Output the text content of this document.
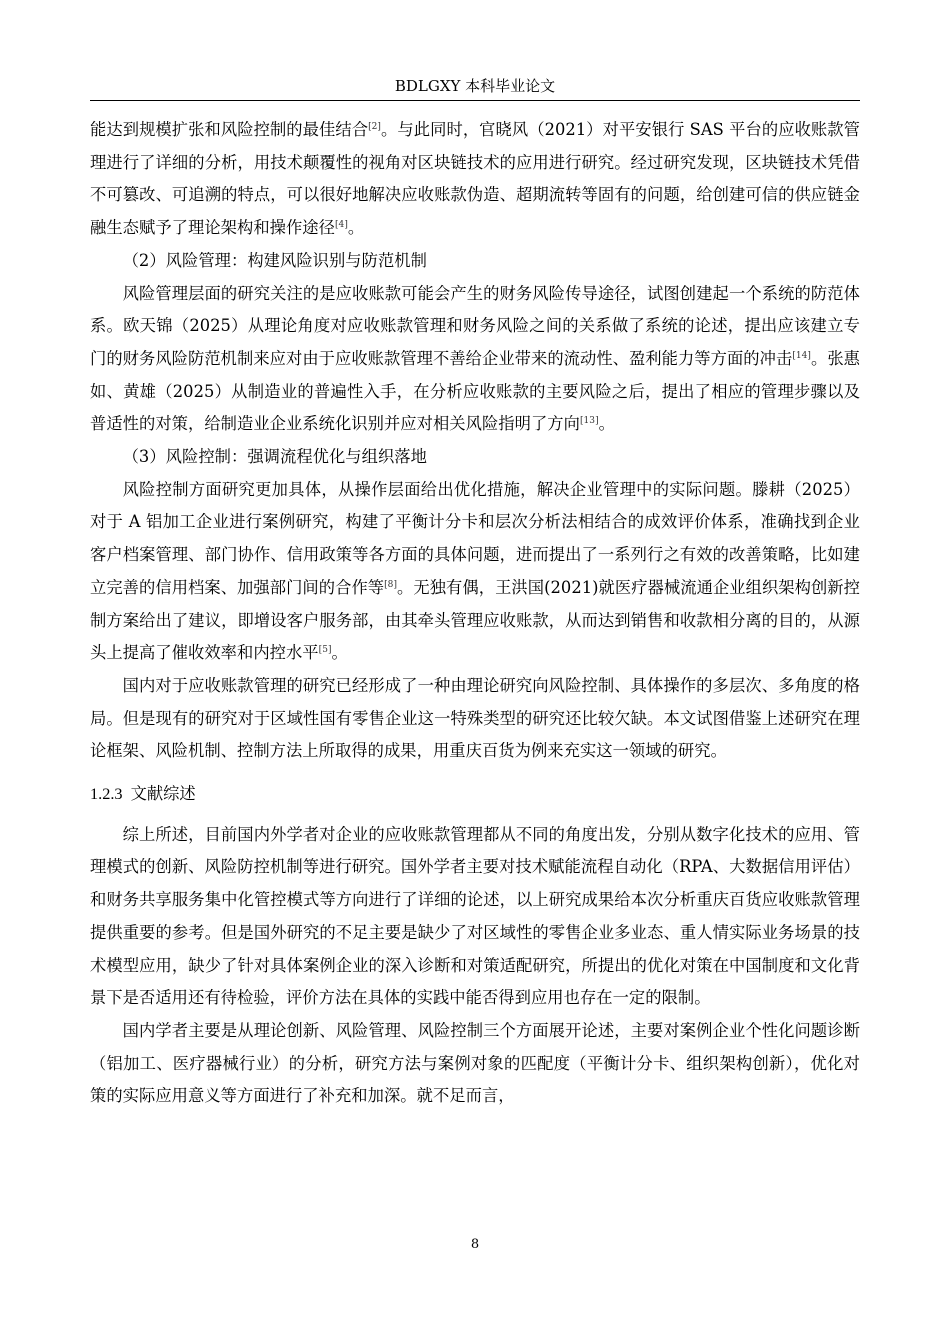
BDLGXY 本科毕业论文

能达到规模扩张和风险控制的最佳结合[2]。与此同时，官晓风（2021）对平安银行 SAS 平台的应收账款管理进行了详细的分析，用技术颠覆性的视角对区块链技术的应用进行研究。经过研究发现，区块链技术凭借不可篡改、可追溯的特点，可以很好地解决应收账款伪造、超期流转等固有的问题，给创建可信的供应链金融生态赋予了理论架构和操作途径[4]。

（2）风险管理：构建风险识别与防范机制

风险管理层面的研究关注的是应收账款可能会产生的财务风险传导途径，试图创建起一个系统的防范体系。欧天锦（2025）从理论角度对应收账款管理和财务风险之间的关系做了系统的论述，提出应该建立专门的财务风险防范机制来应对由于应收账款管理不善给企业带来的流动性、盈利能力等方面的冲击[14]。张惠如、黄雄（2025）从制造业的普遍性入手，在分析应收账款的主要风险之后，提出了相应的管理步骤以及普适性的对策，给制造业企业系统化识别并应对相关风险指明了方向[13]。

（3）风险控制：强调流程优化与组织落地

风险控制方面研究更加具体，从操作层面给出优化措施，解决企业管理中的实际问题。滕耕（2025）对于 A 铝加工企业进行案例研究，构建了平衡计分卡和层次分析法相结合的成效评价体系，准确找到企业客户档案管理、部门协作、信用政策等各方面的具体问题，进而提出了一系列行之有效的改善策略，比如建立完善的信用档案、加强部门间的合作等[8]。无独有偶，王洪国(2021)就医疗器械流通企业组织架构创新控制方案给出了建议，即增设客户服务部，由其牵头管理应收账款，从而达到销售和收款相分离的目的，从源头上提高了催收效率和内控水平[5]。

国内对于应收账款管理的研究已经形成了一种由理论研究向风险控制、具体操作的多层次、多角度的格局。但是现有的研究对于区域性国有零售企业这一特殊类型的研究还比较欠缺。本文试图借鉴上述研究在理论框架、风险机制、控制方法上所取得的成果，用重庆百货为例来充实这一领域的研究。

1.2.3 文献综述

综上所述，目前国内外学者对企业的应收账款管理都从不同的角度出发，分别从数字化技术的应用、管理模式的创新、风险防控机制等进行研究。国外学者主要对技术赋能流程自动化（RPA、大数据信用评估）和财务共享服务集中化管控模式等方向进行了详细的论述，以上研究成果给本次分析重庆百货应收账款管理提供重要的参考。但是国外研究的不足主要是缺少了对区域性的零售企业多业态、重人情实际业务场景的技术模型应用，缺少了针对具体案例企业的深入诊断和对策适配研究，所提出的优化对策在中国制度和文化背景下是否适用还有待检验，评价方法在具体的实践中能否得到应用也存在一定的限制。

国内学者主要是从理论创新、风险管理、风险控制三个方面展开论述，主要对案例企业个性化问题诊断（铝加工、医疗器械行业）的分析，研究方法与案例对象的匹配度（平衡计分卡、组织架构创新），优化对策的实际应用意义等方面进行了补充和加深。就不足而言，

8
